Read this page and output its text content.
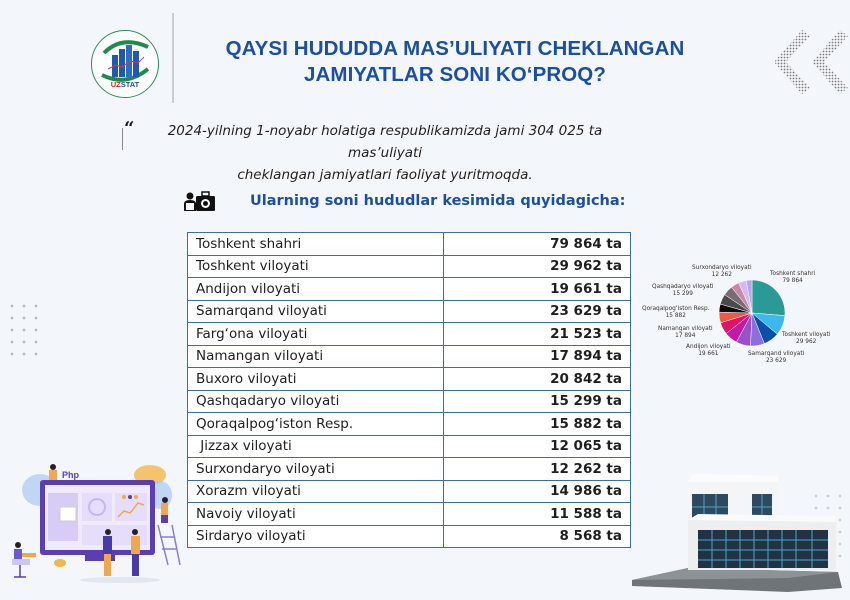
UZSTAT
QAYSI HUDUDDA MAS’ULIYATI CHEKLANGAN
JAMIYATLAR SONI KO‘PROQ?
“	2024-yilning 1-noyabr holatiga respublikamizda jami 304 025 ta mas’uliyati
cheklangan jamiyatlari faoliyat yuritmoqda.
Ularning soni hududlar kesimida quyidagicha:
Toshkent shahri	79 864 ta
Toshkent viloyati	29 962 ta
Andijon viloyati	19 661 ta
Samarqand viloyati	23 629 ta
Farg‘ona viloyati	21 523 ta
Namangan viloyati	17 894 ta
Buxoro viloyati	20 842 ta
Qashqadaryo viloyati	15 299 ta
Qoraqalpog‘iston Resp.	15 882 ta
Jizzax viloyati	12 065 ta
Surxondaryo viloyati	12 262 ta
Xorazm viloyati	14 986 ta
Navoiy viloyati	11 588 ta
Sirdaryo viloyati	8 568 ta
Surxondaryo viloyati
12 262	Toshkent shahri
79 864
Qashqadaryo viloyati
15 299
Qoraqalpog‘iston Resp.
15 882
Namangan viloyati
17 894	Toshkent viloyati
29 962
Andijon viloyati
19 661	Samarqand viloyati
23 629
Php
